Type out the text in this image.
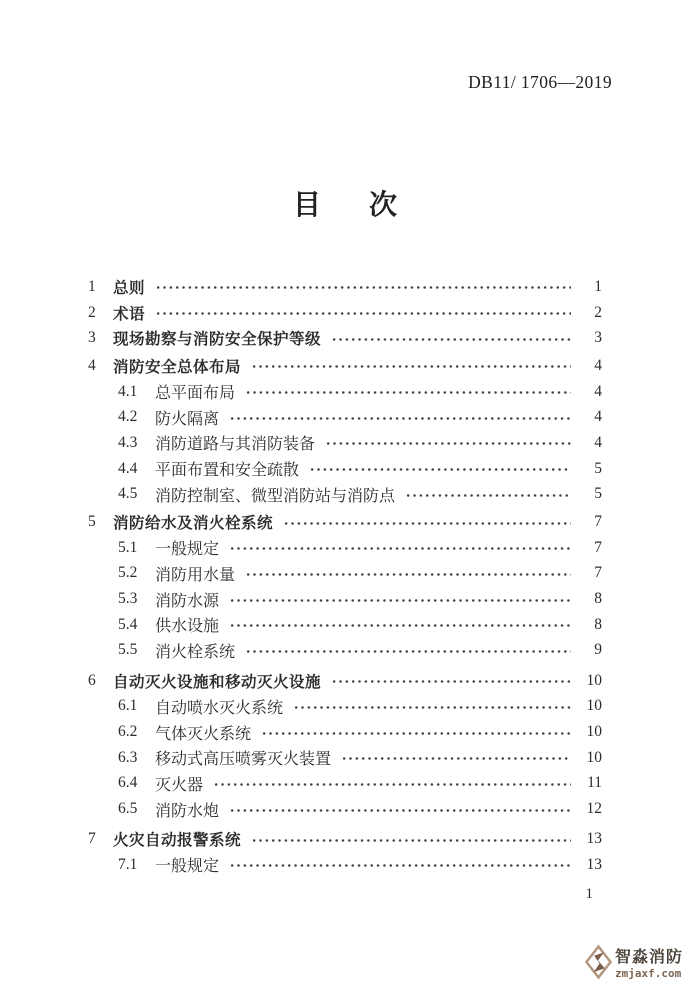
DB11/ 1706—2019
目　次
1	总则	1
2	术语	2
3	现场勘察与消防安全保护等级	3
4	消防安全总体布局	4
4.1	总平面布局	4
4.2	防火隔离	4
4.3	消防道路与其消防装备	4
4.4	平面布置和安全疏散	5
4.5	消防控制室、微型消防站与消防点	5
5	消防给水及消火栓系统	7
5.1	一般规定	7
5.2	消防用水量	7
5.3	消防水源	8
5.4	供水设施	8
5.5	消火栓系统	9
6	自动灭火设施和移动灭火设施	10
6.1	自动喷水灭火系统	10
6.2	气体灭火系统	10
6.3	移动式高压喷雾灭火装置	10
6.4	灭火器	11
6.5	消防水炮	12
7	火灾自动报警系统	13
7.1	一般规定	13
1
智淼消防
zmjaxf.com
